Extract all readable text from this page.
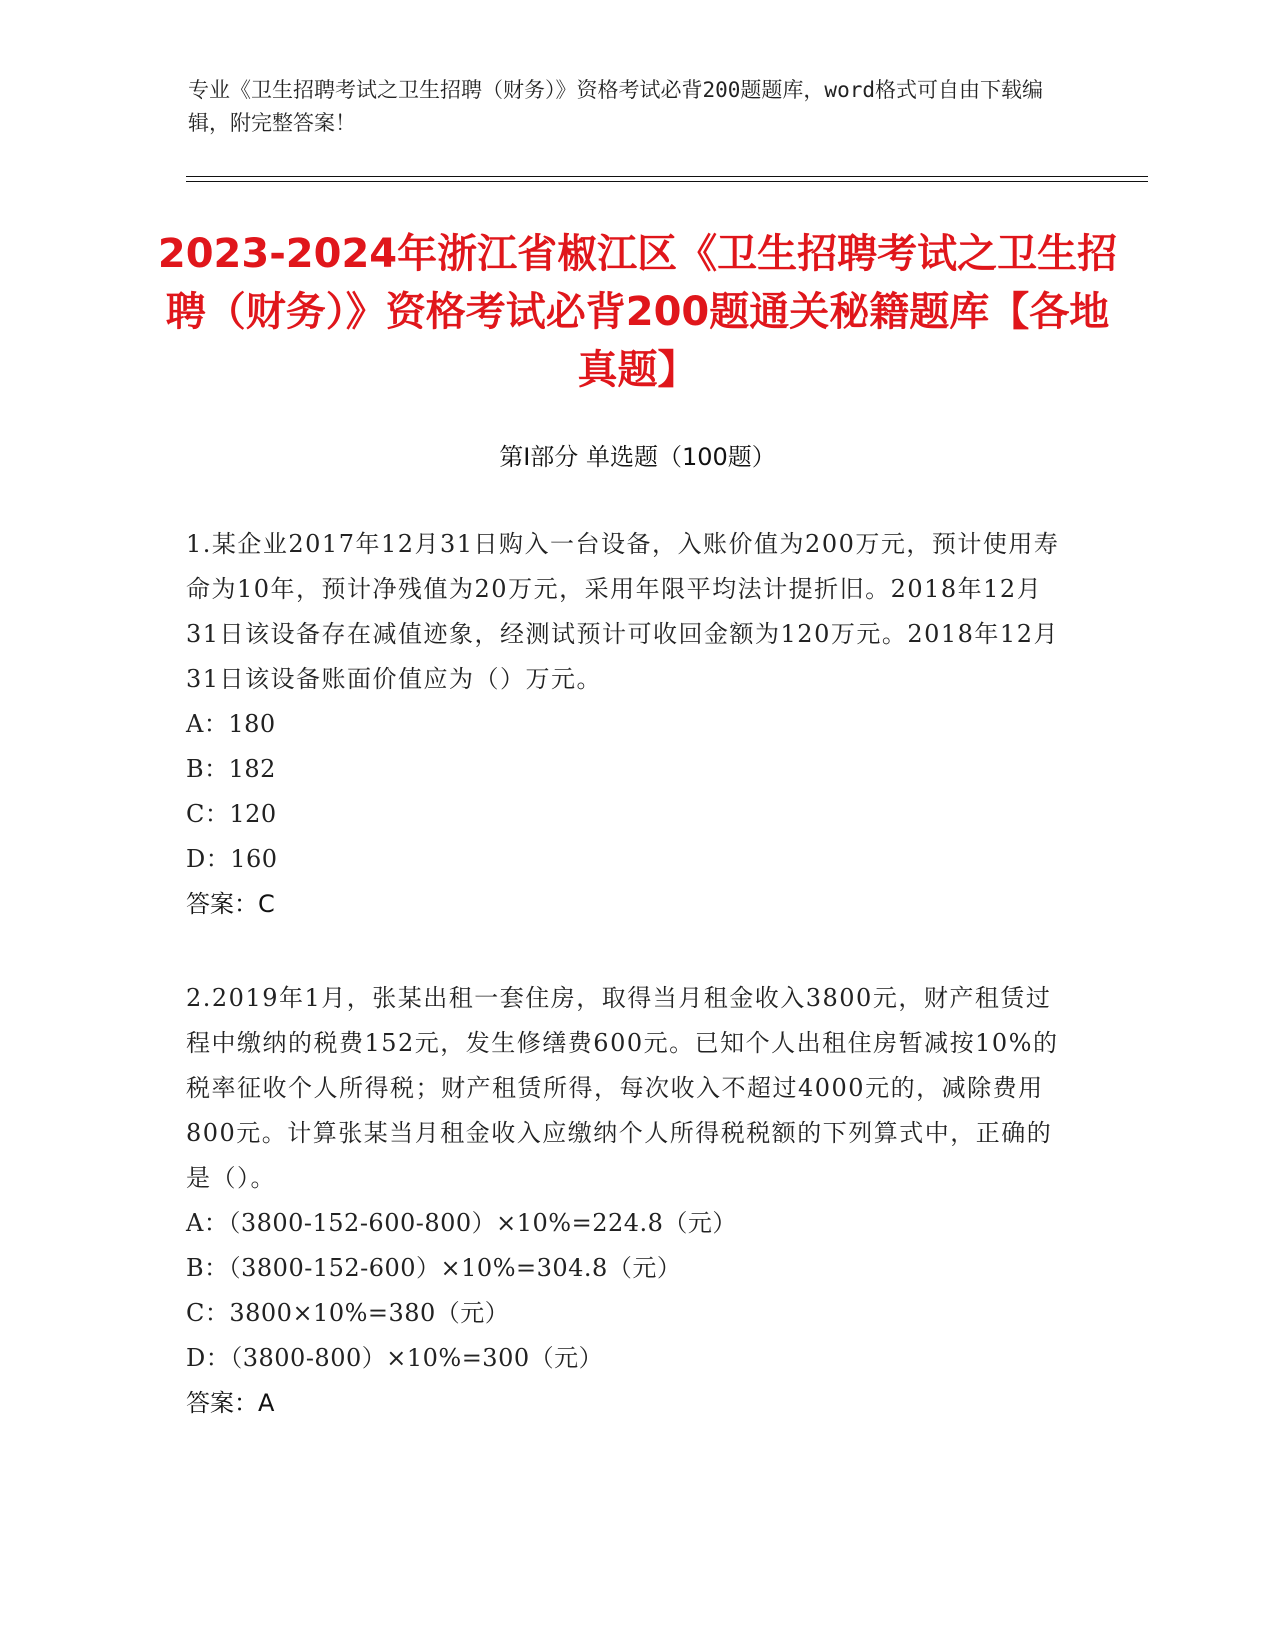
专业《卫生招聘考试之卫生招聘（财务）》资格考试必背200题题库，word格式可自由下载编辑，附完整答案！
2023-2024年浙江省椒江区《卫生招聘考试之卫生招聘（财务）》资格考试必背200题通关秘籍题库【各地真题】
第Ⅰ部分 单选题（100题）

1.某企业2017年12月31日购入一台设备，入账价值为200万元，预计使用寿命为10年，预计净残值为20万元，采用年限平均法计提折旧。2018年12月31日该设备存在减值迹象，经测试预计可收回金额为120万元。2018年12月31日该设备账面价值应为（）万元。

A：180

B：182

C：120

D：160

答案：C

2.2019年1月，张某出租一套住房，取得当月租金收入3800元，财产租赁过程中缴纳的税费152元，发生修缮费600元。已知个人出租住房暂减按10%的税率征收个人所得税；财产租赁所得，每次收入不超过4000元的，减除费用800元。计算张某当月租金收入应缴纳个人所得税税额的下列算式中，正确的是（）。

A：（3800-152-600-800）×10%=224.8（元）

B：（3800-152-600）×10%=304.8（元）

C：3800×10%=380（元）

D：（3800-800）×10%=300（元）

答案：A
